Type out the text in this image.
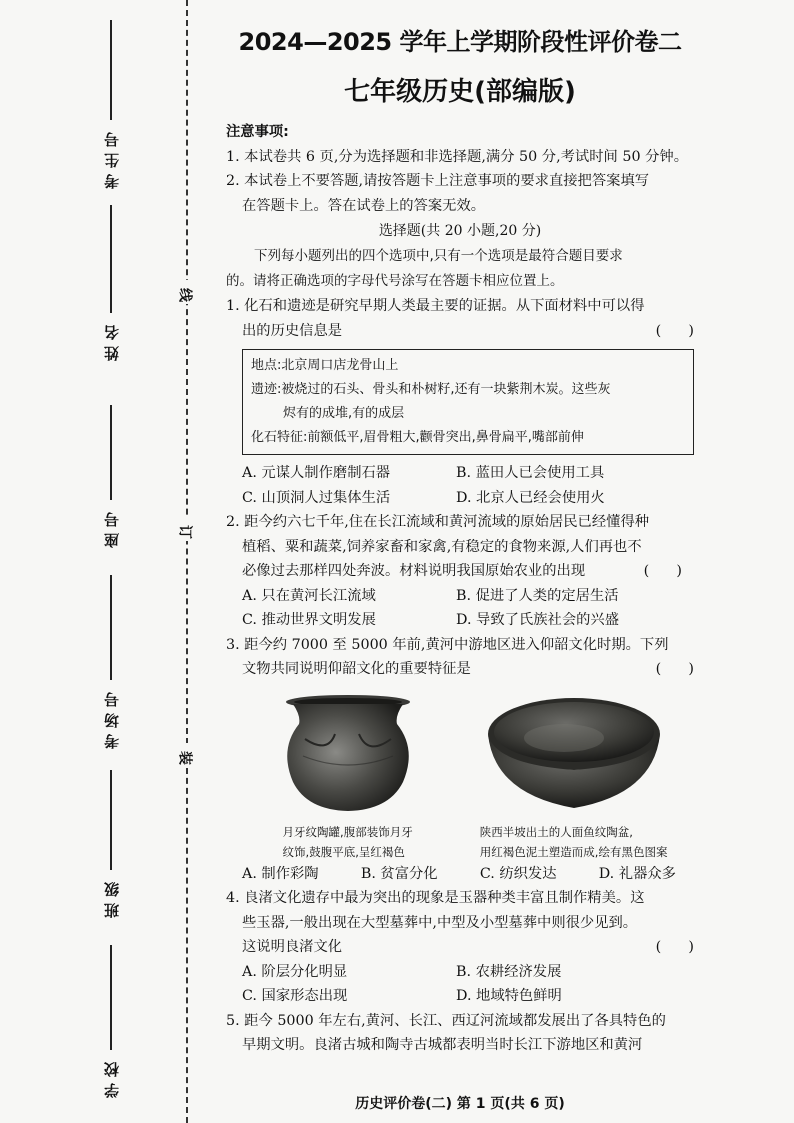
考生号
姓名
座号
考场号
班级
学校
线
订
装
2024—2025 学年上学期阶段性评价卷二
七年级历史(部编版)

注意事项:

1. 本试卷共 6 页,分为选择题和非选择题,满分 50 分,考试时间 50 分钟。

2. 本试卷上不要答题,请按答题卡上注意事项的要求直接把答案填写

在答题卡上。答在试卷上的答案无效。

选择题(共 20 小题,20 分)

下列每小题列出的四个选项中,只有一个选项是最符合题目要求

的。请将正确选项的字母代号涂写在答题卡相应位置上。

1. 化石和遗迹是研究早期人类最主要的证据。从下面材料中可以得

出的历史信息是	(      )
地点:北京周口店龙骨山上
遗迹:被烧过的石头、骨头和朴树籽,还有一块紫荆木炭。这些灰
烬有的成堆,有的成层
化石特征:前额低平,眉骨粗大,颧骨突出,鼻骨扁平,嘴部前伸
A. 元谋人制作磨制石器	B. 蓝田人已会使用工具
C. 山顶洞人过集体生活	D. 北京人已经会使用火

2. 距今约六七千年,住在长江流域和黄河流域的原始居民已经懂得种

植稻、粟和蔬菜,饲养家畜和家禽,有稳定的食物来源,人们再也不

必像过去那样四处奔波。材料说明我国原始农业的出现	(      )
A. 只在黄河长江流域	B. 促进了人类的定居生活
C. 推动世界文明发展	D. 导致了氏族社会的兴盛

3. 距今约 7000 至 5000 年前,黄河中游地区进入仰韶文化时期。下列

文物共同说明仰韶文化的重要特征是	(      )
月牙纹陶罐,腹部装饰月牙
纹饰,鼓腹平底,呈红褐色
陕西半坡出土的人面鱼纹陶盆,
用红褐色泥土塑造而成,绘有黑色图案
A. 制作彩陶	B. 贫富分化	C. 纺织发达	D. 礼器众多

4. 良渚文化遗存中最为突出的现象是玉器种类丰富且制作精美。这

些玉器,一般出现在大型墓葬中,中型及小型墓葬中则很少见到。

这说明良渚文化	(      )
A. 阶层分化明显	B. 农耕经济发展
C. 国家形态出现	D. 地域特色鲜明

5. 距今 5000 年左右,黄河、长江、西辽河流域都发展出了各具特色的

早期文明。良渚古城和陶寺古城都表明当时长江下游地区和黄河

历史评价卷(二) 第 1 页(共 6 页)
